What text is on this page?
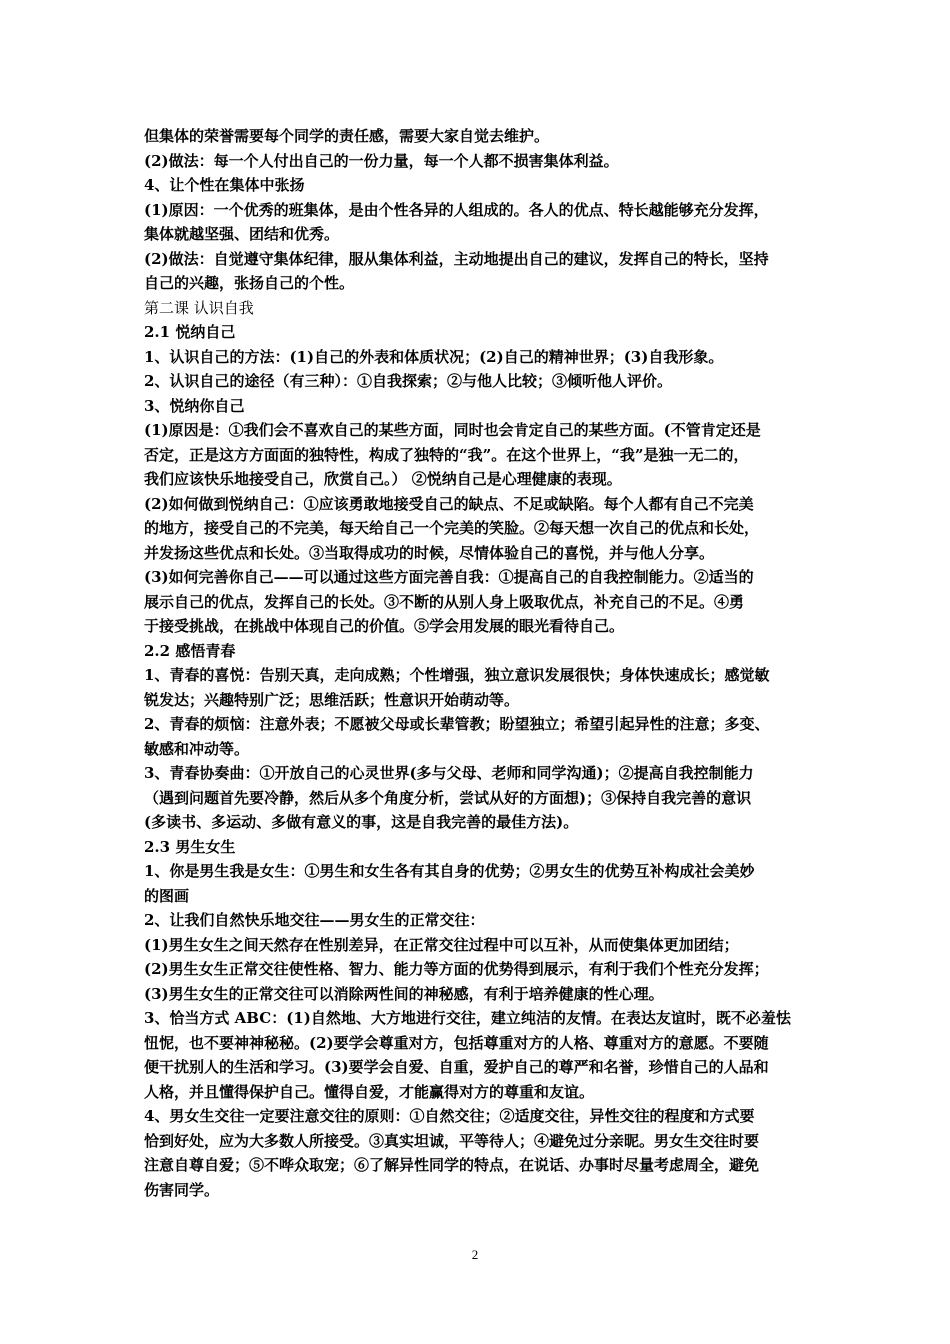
但集体的荣誉需要每个同学的责任感，需要大家自觉去维护。
(2)做法：每一个人付出自己的一份力量，每一个人都不损害集体利益。
4、让个性在集体中张扬
(1)原因：一个优秀的班集体，是由个性各异的人组成的。各人的优点、特长越能够充分发挥，
集体就越坚强、团结和优秀。
(2)做法：自觉遵守集体纪律，服从集体利益，主动地提出自己的建议，发挥自己的特长，坚持
自己的兴趣，张扬自己的个性。
第二课 认识自我
2.1 悦纳自己
1、认识自己的方法：(1)自己的外表和体质状况；(2)自己的精神世界；(3)自我形象。
2、认识自己的途径（有三种）：①自我探索；②与他人比较；③倾听他人评价。
3、悦纳你自己
(1)原因是：①我们会不喜欢自己的某些方面，同时也会肯定自己的某些方面。(不管肯定还是
否定，正是这方方面面的独特性，构成了独特的“我”。在这个世界上，“我”是独一无二的，
我们应该快乐地接受自己，欣赏自己。） ②悦纳自己是心理健康的表现。
(2)如何做到悦纳自己：①应该勇敢地接受自己的缺点、不足或缺陷。每个人都有自己不完美
的地方，接受自己的不完美，每天给自己一个完美的笑脸。②每天想一次自己的优点和长处，
并发扬这些优点和长处。③当取得成功的时候，尽情体验自己的喜悦，并与他人分享。
(3)如何完善你自己——可以通过这些方面完善自我：①提高自己的自我控制能力。②适当的
展示自己的优点，发挥自己的长处。③不断的从别人身上吸取优点，补充自己的不足。④勇
于接受挑战，在挑战中体现自己的价值。⑤学会用发展的眼光看待自己。
2.2 感悟青春
1、青春的喜悦：告别天真，走向成熟；个性增强，独立意识发展很快；身体快速成长；感觉敏
锐发达；兴趣特别广泛；思维活跃；性意识开始萌动等。
2、青春的烦恼：注意外表；不愿被父母或长辈管教；盼望独立；希望引起异性的注意；多变、
敏感和冲动等。
3、青春协奏曲：①开放自己的心灵世界(多与父母、老师和同学沟通)；②提高自我控制能力
（遇到问题首先要冷静，然后从多个角度分析，尝试从好的方面想)；③保持自我完善的意识
(多读书、多运动、多做有意义的事，这是自我完善的最佳方法)。
2.3 男生女生
1、你是男生我是女生：①男生和女生各有其自身的优势；②男女生的优势互补构成社会美妙
的图画
2、让我们自然快乐地交往——男女生的正常交往：
(1)男生女生之间天然存在性别差异，在正常交往过程中可以互补，从而使集体更加团结；
(2)男生女生正常交往使性格、智力、能力等方面的优势得到展示，有利于我们个性充分发挥；
(3)男生女生的正常交往可以消除两性间的神秘感，有利于培养健康的性心理。
3、恰当方式 ABC：(1)自然地、大方地进行交往，建立纯洁的友情。在表达友谊时，既不必羞怯
忸怩，也不要神神秘秘。(2)要学会尊重对方，包括尊重对方的人格、尊重对方的意愿。不要随
便干扰别人的生活和学习。(3)要学会自爱、自重，爱护自己的尊严和名誉，珍惜自己的人品和
人格，并且懂得保护自己。懂得自爱，才能赢得对方的尊重和友谊。
4、男女生交往一定要注意交往的原则：①自然交往；②适度交往，异性交往的程度和方式要
恰到好处，应为大多数人所接受。③真实坦诚，平等待人；④避免过分亲昵。男女生交往时要
注意自尊自爱；⑤不哗众取宠；⑥了解异性同学的特点，在说话、办事时尽量考虑周全，避免
伤害同学。
2
